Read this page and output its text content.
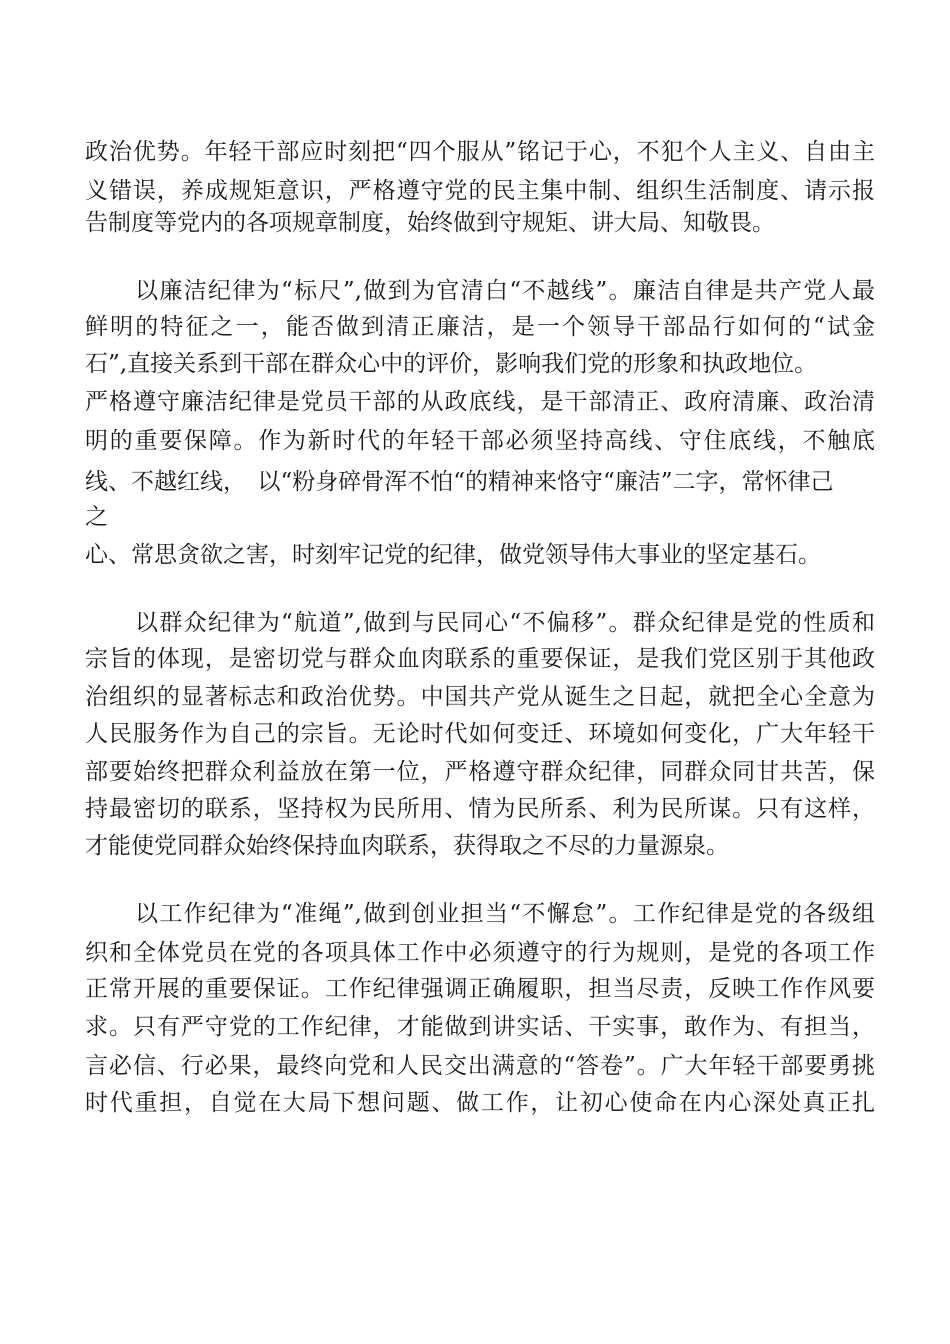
政治优势。年轻干部应时刻把“四个服从”铭记于心，不犯个人主义、自由主
义错误，养成规矩意识，严格遵守党的民主集中制、组织生活制度、请示报
告制度等党内的各项规章制度，始终做到守规矩、讲大局、知敬畏。
以廉洁纪律为“标尺”,做到为官清白“不越线”。廉洁自律是共产党人最
鲜明的特征之一，能否做到清正廉洁，是一个领导干部品行如何的“试金
石”,直接关系到干部在群众心中的评价，影响我们党的形象和执政地位。
严格遵守廉洁纪律是党员干部的从政底线，是干部清正、政府清廉、政治清
明的重要保障。作为新时代的年轻干部必须坚持高线、守住底线，不触底
线、不越红线，　以“粉身碎骨浑不怕“的精神来恪守“廉洁”二字，常怀律己
之
心、常思贪欲之害，时刻牢记党的纪律，做党领导伟大事业的坚定基石。
以群众纪律为“航道”,做到与民同心“不偏移”。群众纪律是党的性质和
宗旨的体现，是密切党与群众血肉联系的重要保证，是我们党区别于其他政
治组织的显著标志和政治优势。中国共产党从诞生之日起，就把全心全意为
人民服务作为自己的宗旨。无论时代如何变迁、环境如何变化，广大年轻干
部要始终把群众利益放在第一位，严格遵守群众纪律，同群众同甘共苦，保
持最密切的联系，坚持权为民所用、情为民所系、利为民所谋。只有这样，
才能使党同群众始终保持血肉联系，获得取之不尽的力量源泉。
以工作纪律为“准绳”,做到创业担当“不懈怠”。工作纪律是党的各级组
织和全体党员在党的各项具体工作中必须遵守的行为规则，是党的各项工作
正常开展的重要保证。工作纪律强调正确履职，担当尽责，反映工作作风要
求。只有严守党的工作纪律，才能做到讲实话、干实事，敢作为、有担当，
言必信、行必果，最终向党和人民交出满意的“答卷”。广大年轻干部要勇挑
时代重担，自觉在大局下想问题、做工作，让初心使命在内心深处真正扎
